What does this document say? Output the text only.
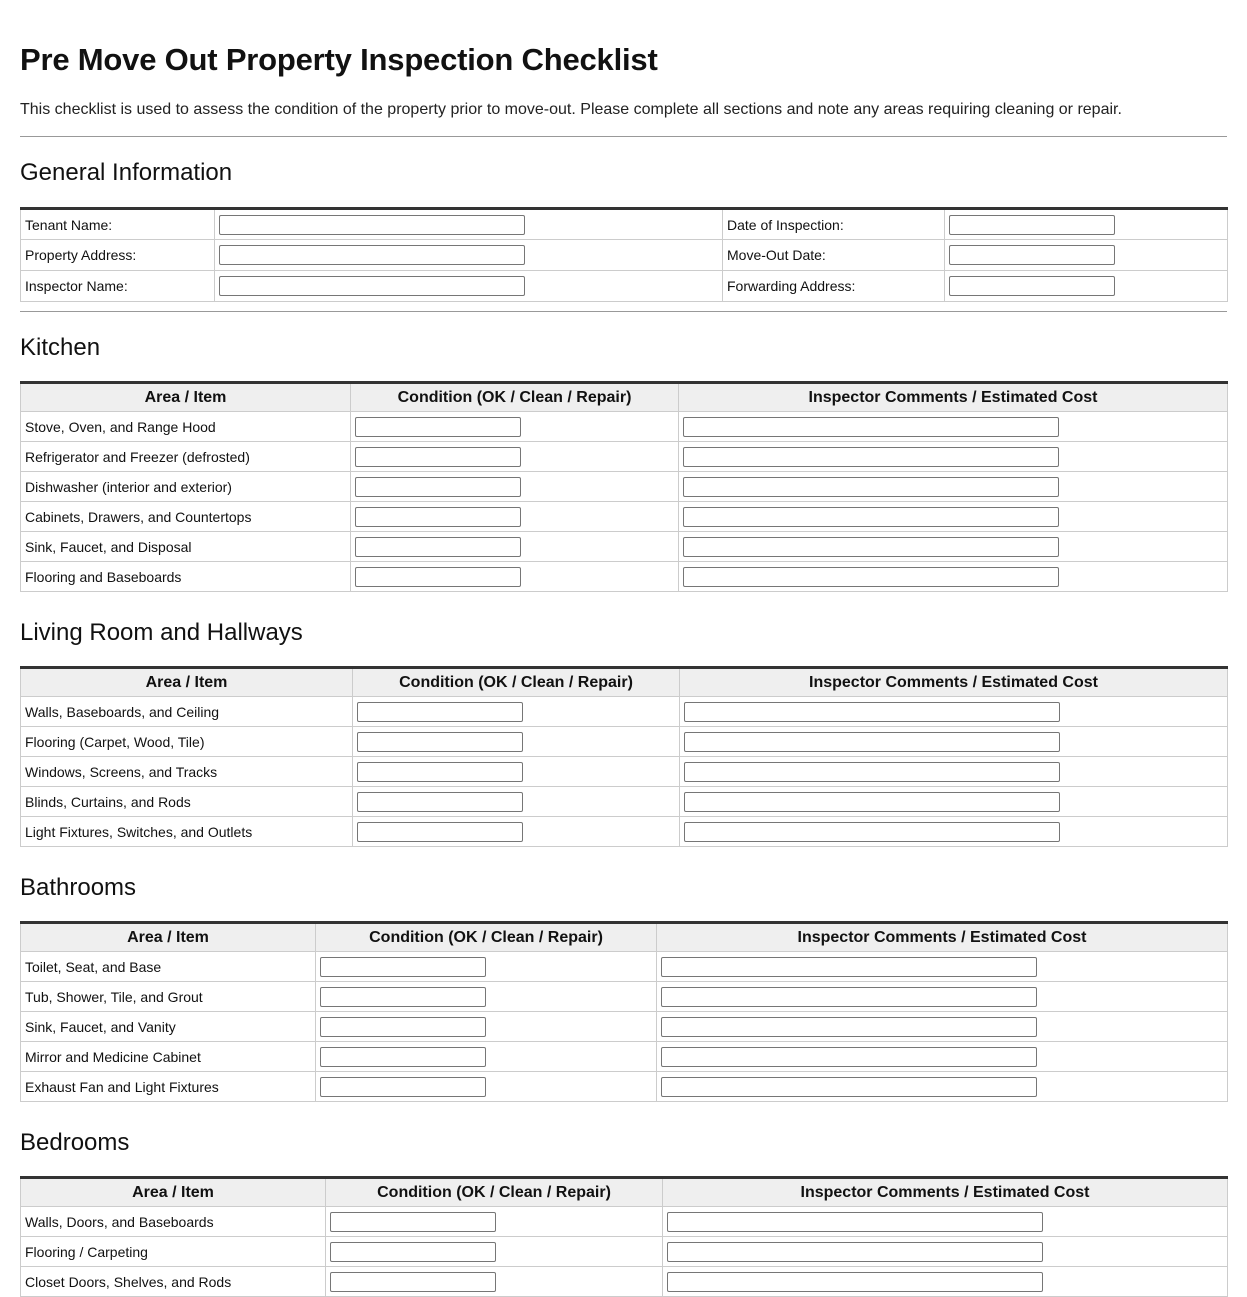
Pre Move Out Property Inspection Checklist

This checklist is used to assess the condition of the property prior to move-out. Please complete all sections and note any areas requiring cleaning or repair.

General Information
Tenant Name:		Date of Inspection:	

Property Address:		Move-Out Date:	

Inspector Name:		Forwarding Address:	
Kitchen
Area / Item	Condition (OK / Clean / Repair)	Inspector Comments / Estimated Cost
Stove, Oven, and Range Hood	

Refrigerator and Freezer (defrosted)	

Dishwasher (interior and exterior)	

Cabinets, Drawers, and Countertops	

Sink, Faucet, and Disposal	

Flooring and Baseboards	

Living Room and Hallways
Area / Item	Condition (OK / Clean / Repair)	Inspector Comments / Estimated Cost
Walls, Baseboards, and Ceiling	

Flooring (Carpet, Wood, Tile)	

Windows, Screens, and Tracks	

Blinds, Curtains, and Rods	

Light Fixtures, Switches, and Outlets	

Bathrooms
Area / Item	Condition (OK / Clean / Repair)	Inspector Comments / Estimated Cost
Toilet, Seat, and Base	

Tub, Shower, Tile, and Grout	

Sink, Faucet, and Vanity	

Mirror and Medicine Cabinet	

Exhaust Fan and Light Fixtures	

Bedrooms
Area / Item	Condition (OK / Clean / Repair)	Inspector Comments / Estimated Cost
Walls, Doors, and Baseboards	

Flooring / Carpeting	

Closet Doors, Shelves, and Rods	
